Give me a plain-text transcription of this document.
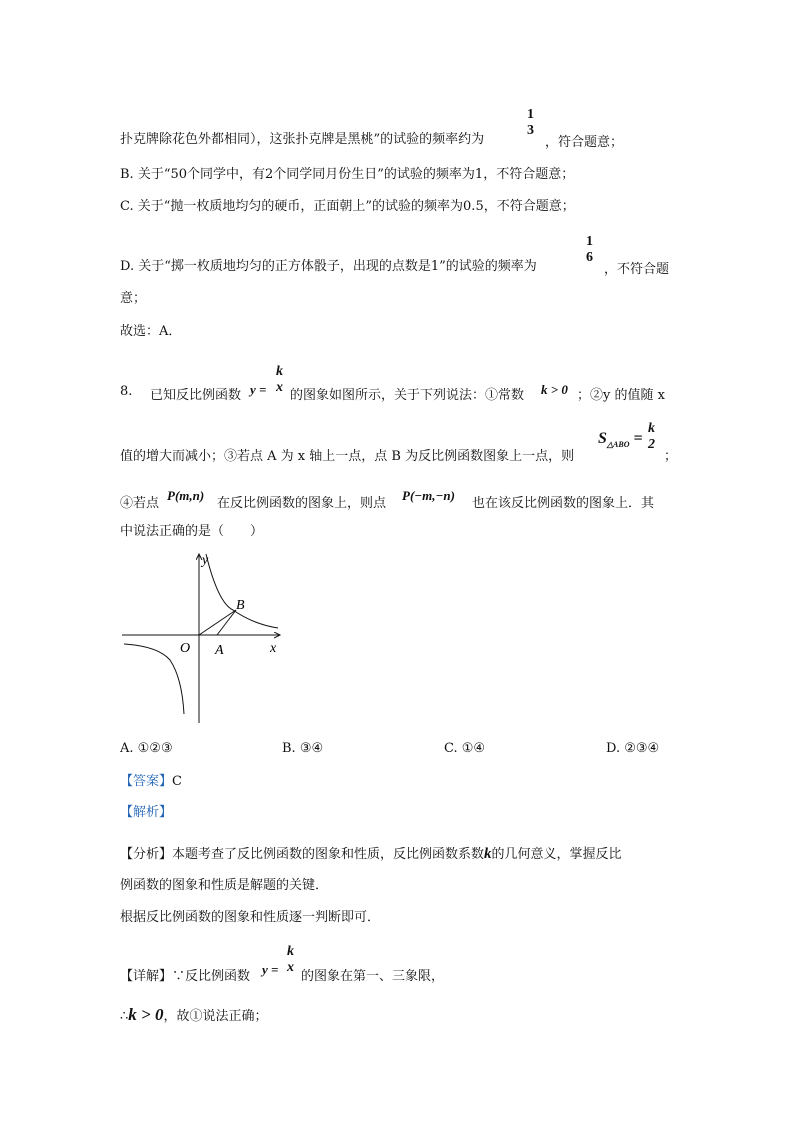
扑克牌除花色外都相同），这张扑克牌是黑桃”的试验的频率约为
1
3
，符合题意；
B. 关于“50个同学中，有2个同学同月份生日”的试验的频率为1，不符合题意；
C. 关于“抛一枚质地均匀的硬币，正面朝上”的试验的频率为0.5，不符合题意；
D. 关于“掷一枚质地均匀的正方体骰子，出现的点数是1”的试验的频率为
1
6
，不符合题
意；
故选：A．
8. 已知反比例函数 y =
k
x
的图象如图所示，关于下列说法：①常数 k > 0 ；②y 的值随 x
值的增大而减小；③若点 A 为 x 轴上一点，点 B 为反比例函数图象上一点，则
$S_{\triangle ABO}$ =
k
2
；
④若点
P(m,n)
在反比例函数的图象上，则点
P(−m,−n)
也在该反比例函数的图象上．其
中说法正确的是（　　）
y
x
O A
B
A. ①②③	B. ③④	C. ①④	D. ②③④
【答案】C
【解析】
【分析】本题考查了反比例函数的图象和性质，反比例函数系数k的几何意义，掌握反比
例函数的图象和性质是解题的关键．
根据反比例函数的图象和性质逐一判断即可．
【详解】∵反比例函数 y =
k
x
的图象在第一、三象限，
∴k > 0，故①说法正确；
